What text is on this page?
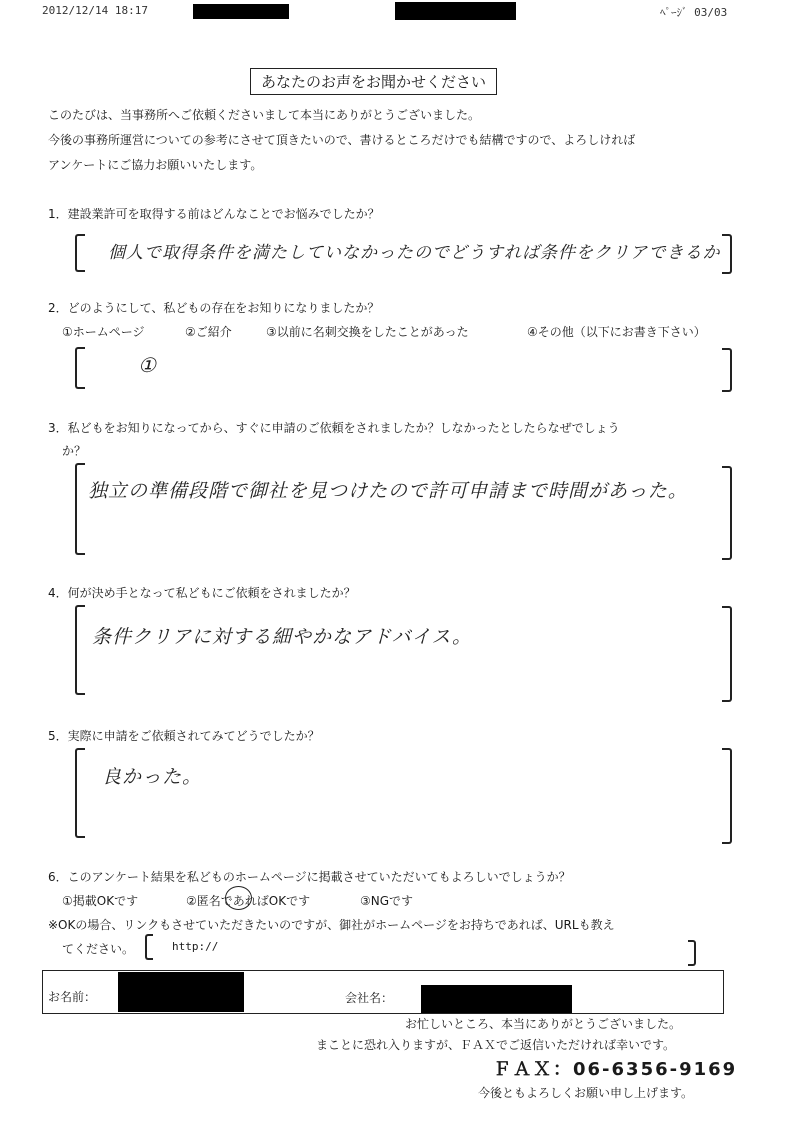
2012/12/14 18:17	ﾍﾟｰｼﾞ 03/03
あなたのお声をお聞かせください
このたびは、当事務所へご依頼くださいまして本当にありがとうございました。
今後の事務所運営についての参考にさせて頂きたいので、書けるところだけでも結構ですので、よろしければ
アンケートにご協力お願いいたします。
1．建設業許可を取得する前はどんなことでお悩みでしたか？
個人で取得条件を満たしていなかったのでどうすれば条件をクリアできるか
2．どのようにして、私どもの存在をお知りになりましたか？
①ホームページ	②ご紹介	③以前に名刺交換をしたことがあった	④その他（以下にお書き下さい）
①
3．私どもをお知りになってから、すぐに申請のご依頼をされましたか？しなかったとしたらなぜでしょう
か？
独立の準備段階で御社を見つけたので許可申請まで時間があった。
4．何が決め手となって私どもにご依頼をされましたか？
条件クリアに対する細やかなアドバイス。
5．実際に申請をご依頼されてみてどうでしたか？
良かった。
6．このアンケート結果を私どものホームページに掲載させていただいてもよろしいでしょうか？
①掲載OKです	②匿名であればOKです	③NGです
※OKの場合、リンクもさせていただきたいのですが、御社がホームページをお持ちであれば、URLも教え
てください。	http://
お名前：	会社名：
お忙しいところ、本当にありがとうございました。
まことに恐れ入りますが、ＦＡＸでご返信いただければ幸いです。
ＦＡＸ：06-6356-9169
今後ともよろしくお願い申し上げます。
